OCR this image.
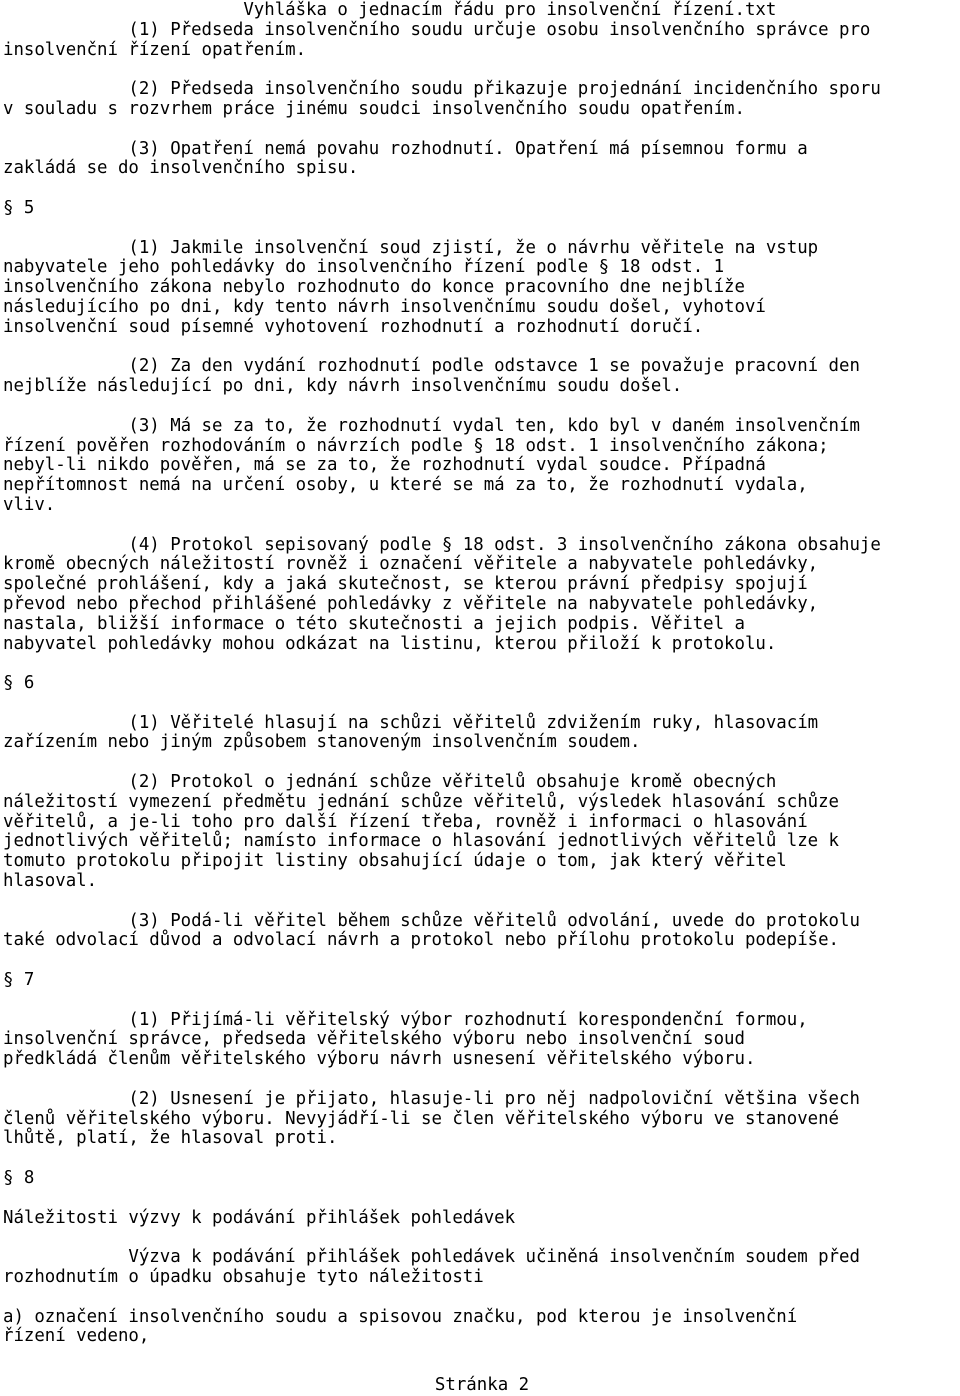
Vyhláška o jednacím řádu pro insolvenční řízení.txt
(1) Předseda insolvenčního soudu určuje osobu insolvenčního správce pro
insolvenční řízení opatřením.
(2) Předseda insolvenčního soudu přikazuje projednání incidenčního sporu
v souladu s rozvrhem práce jinému soudci insolvenčního soudu opatřením.
(3) Opatření nemá povahu rozhodnutí. Opatření má písemnou formu a
zakládá se do insolvenčního spisu.
§ 5
(1) Jakmile insolvenční soud zjistí, že o návrhu věřitele na vstup
nabyvatele jeho pohledávky do insolvenčního řízení podle § 18 odst. 1
insolvenčního zákona nebylo rozhodnuto do konce pracovního dne nejblíže
následujícího po dni, kdy tento návrh insolvenčnímu soudu došel, vyhotoví
insolvenční soud písemné vyhotovení rozhodnutí a rozhodnutí doručí.
(2) Za den vydání rozhodnutí podle odstavce 1 se považuje pracovní den
nejblíže následující po dni, kdy návrh insolvenčnímu soudu došel.
(3) Má se za to, že rozhodnutí vydal ten, kdo byl v daném insolvenčním
řízení pověřen rozhodováním o návrzích podle § 18 odst. 1 insolvenčního zákona;
nebyl-li nikdo pověřen, má se za to, že rozhodnutí vydal soudce. Případná
nepřítomnost nemá na určení osoby, u které se má za to, že rozhodnutí vydala,
vliv.
(4) Protokol sepisovaný podle § 18 odst. 3 insolvenčního zákona obsahuje
kromě obecných náležitostí rovněž i označení věřitele a nabyvatele pohledávky,
společné prohlášení, kdy a jaká skutečnost, se kterou právní předpisy spojují
převod nebo přechod přihlášené pohledávky z věřitele na nabyvatele pohledávky,
nastala, bližší informace o této skutečnosti a jejich podpis. Věřitel a
nabyvatel pohledávky mohou odkázat na listinu, kterou přiloží k protokolu.
§ 6
(1) Věřitelé hlasují na schůzi věřitelů zdvižením ruky, hlasovacím
zařízením nebo jiným způsobem stanoveným insolvenčním soudem.
(2) Protokol o jednání schůze věřitelů obsahuje kromě obecných
náležitostí vymezení předmětu jednání schůze věřitelů, výsledek hlasování schůze
věřitelů, a je-li toho pro další řízení třeba, rovněž i informaci o hlasování
jednotlivých věřitelů; namísto informace o hlasování jednotlivých věřitelů lze k
tomuto protokolu připojit listiny obsahující údaje o tom, jak který věřitel
hlasoval.
(3) Podá-li věřitel během schůze věřitelů odvolání, uvede do protokolu
také odvolací důvod a odvolací návrh a protokol nebo přílohu protokolu podepíše.
§ 7
(1) Přijímá-li věřitelský výbor rozhodnutí korespondenční formou,
insolvenční správce, předseda věřitelského výboru nebo insolvenční soud
předkládá členům věřitelského výboru návrh usnesení věřitelského výboru.
(2) Usnesení je přijato, hlasuje-li pro něj nadpoloviční většina všech
členů věřitelského výboru. Nevyjádří-li se člen věřitelského výboru ve stanovené
lhůtě, platí, že hlasoval proti.
§ 8
Náležitosti výzvy k podávání přihlášek pohledávek
Výzva k podávání přihlášek pohledávek učiněná insolvenčním soudem před
rozhodnutím o úpadku obsahuje tyto náležitosti
a) označení insolvenčního soudu a spisovou značku, pod kterou je insolvenční
řízení vedeno,
Stránka 2
